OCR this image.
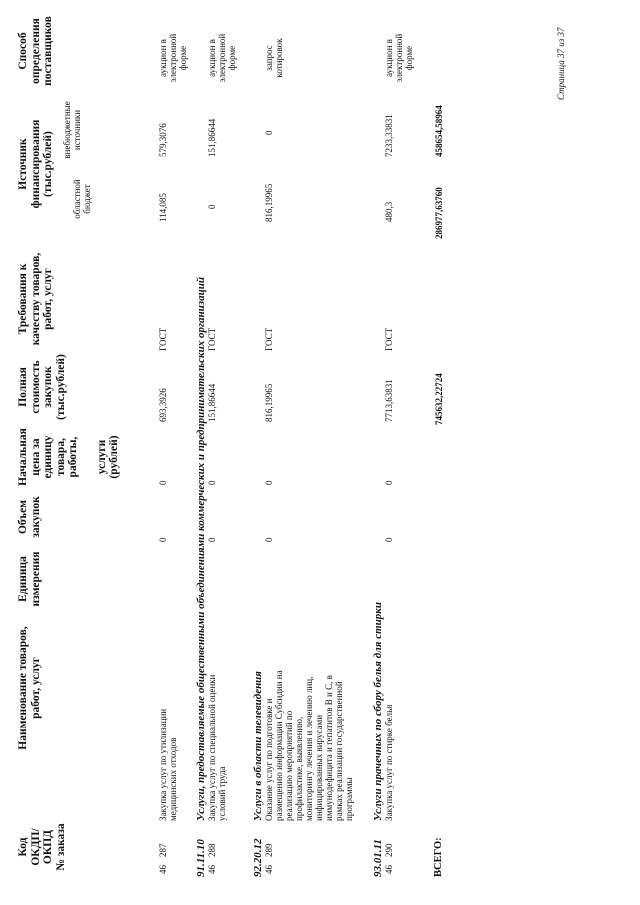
Код ОКДП/ ОКПД № заказа
Наименование товаров, работ, услуг
Единица измерения
Объем закупок
Начальная цена за единицу товара, работы, услуги (рублей)
Полная стоимость закупок (тыс.рублей)
Требования к качеству товаров, работ, услуг
Источник финансирования (тыс.рублей)
областной бюджет
внебюджетные источники
Способ определения поставщиков
46
287
Закупка услуг по утилизации медицинских отходов
0
0
693,3926
ГОСТ
114,085
579,3076
аукцион в электронной форме
91.11.10
Услуги, предоставляемые общественными объединениями коммерческих и предпринимательских организаций
46
288
Закупка услуг по специальной оценки условий труда
0
0
151,86644
ГОСТ
0
151,86644
аукцион в электронной форме
92.20.12
Услуги в области телевидения
46
289
Оказание услуг по подготовке и размещению информации Субсидии на реализацию мероприятий по профилактике, выявлению, мониторингу лечения и лечению лиц, инфицированных вирусами иммунодефицита и гепатитов B и C, в рамках реализации государственной программы
0
0
816,19965
ГОСТ
816,19965
0
запрос котировок
93.01.11
Услуги прачечных по сбору белья для стирки
46
290
Закупка услуг по стирке белья
0
0
7713,63831
ГОСТ
480,3
7233,33831
аукцион в электронной форме
ВСЕГО:
745632,22724
286977,63760
458654,58964
Страница 37 из 37
